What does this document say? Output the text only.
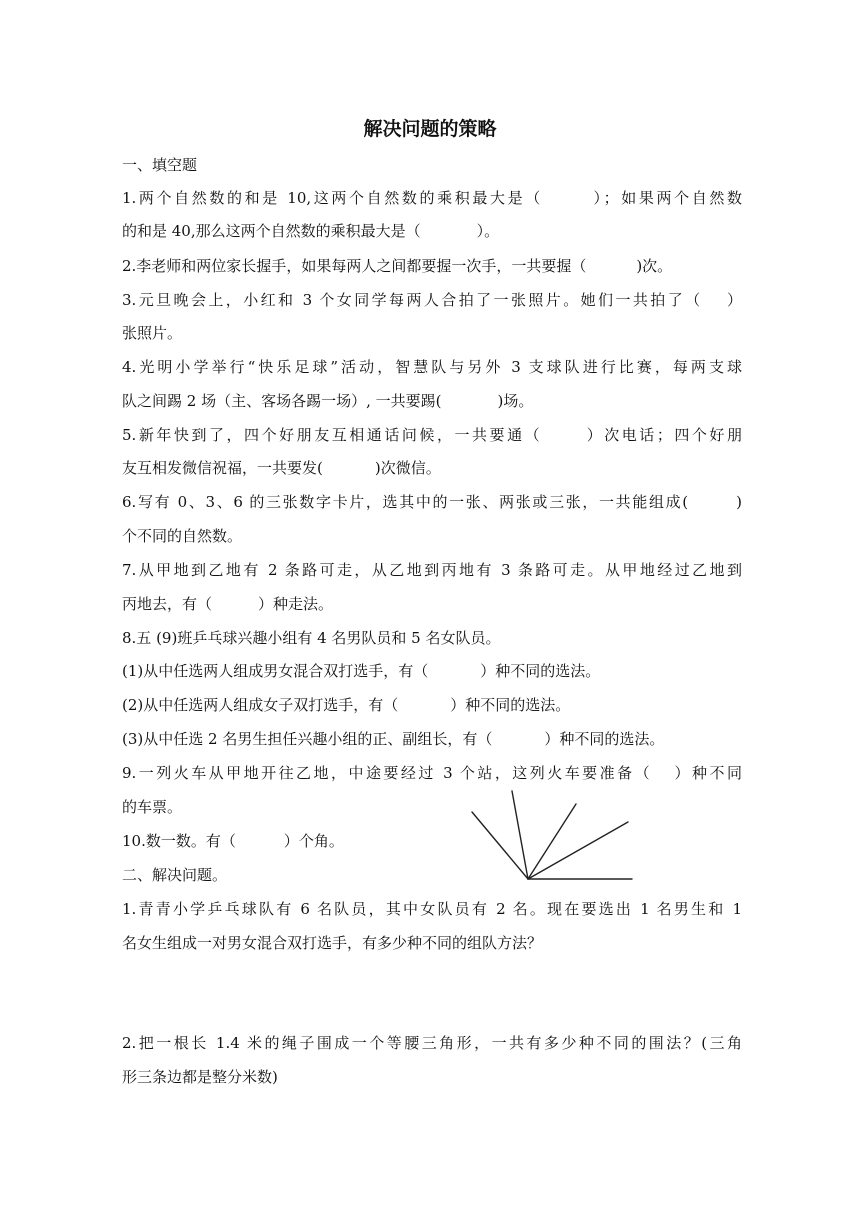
解决问题的策略
一、填空题
1.两个自然数的和是 10,这两个自然数的乘积最大是（	）；如果两个自然数
的和是 40,那么这两个自然数的乘积最大是（	）。
2.李老师和两位家长握手，如果每两人之间都要握一次手，一共要握（	)次。
3.元旦晚会上，小红和 3 个女同学每两人合拍了一张照片。她们一共拍了（ ）
张照片。
4.光明小学举行“快乐足球”活动，智慧队与另外 3 支球队进行比赛，每两支球
队之间踢 2 场（主、客场各踢一场）, 一共要踢(	)场。
5.新年快到了，四个好朋友互相通话问候，一共要通（	）次电话；四个好朋
友互相发微信祝福，一共要发(	)次微信。
6.写有 0、3、6 的三张数字卡片，选其中的一张、两张或三张，一共能组成(	)
个不同的自然数。
7.从甲地到乙地有 2 条路可走，从乙地到丙地有 3 条路可走。从甲地经过乙地到
丙地去，有（	）种走法。
8.五 (9)班乒乓球兴趣小组有 4 名男队员和 5 名女队员。
(1)从中任选两人组成男女混合双打选手，有（	）种不同的选法。
(2)从中任选两人组成女子双打选手，有（	）种不同的选法。
(3)从中任选 2 名男生担任兴趣小组的正、副组长，有（	）种不同的选法。
9.一列火车从甲地开往乙地，中途要经过 3 个站，这列火车要准备（ ）种不同
的车票。
10.数一数。有（	）个角。
二、解决问题。
1.青青小学乒乓球队有 6 名队员，其中女队员有 2 名。现在要选出 1 名男生和 1
名女生组成一对男女混合双打选手，有多少种不同的组队方法？
2.把一根长 1.4 米的绳子围成一个等腰三角形，一共有多少种不同的围法？(三角
形三条边都是整分米数)
